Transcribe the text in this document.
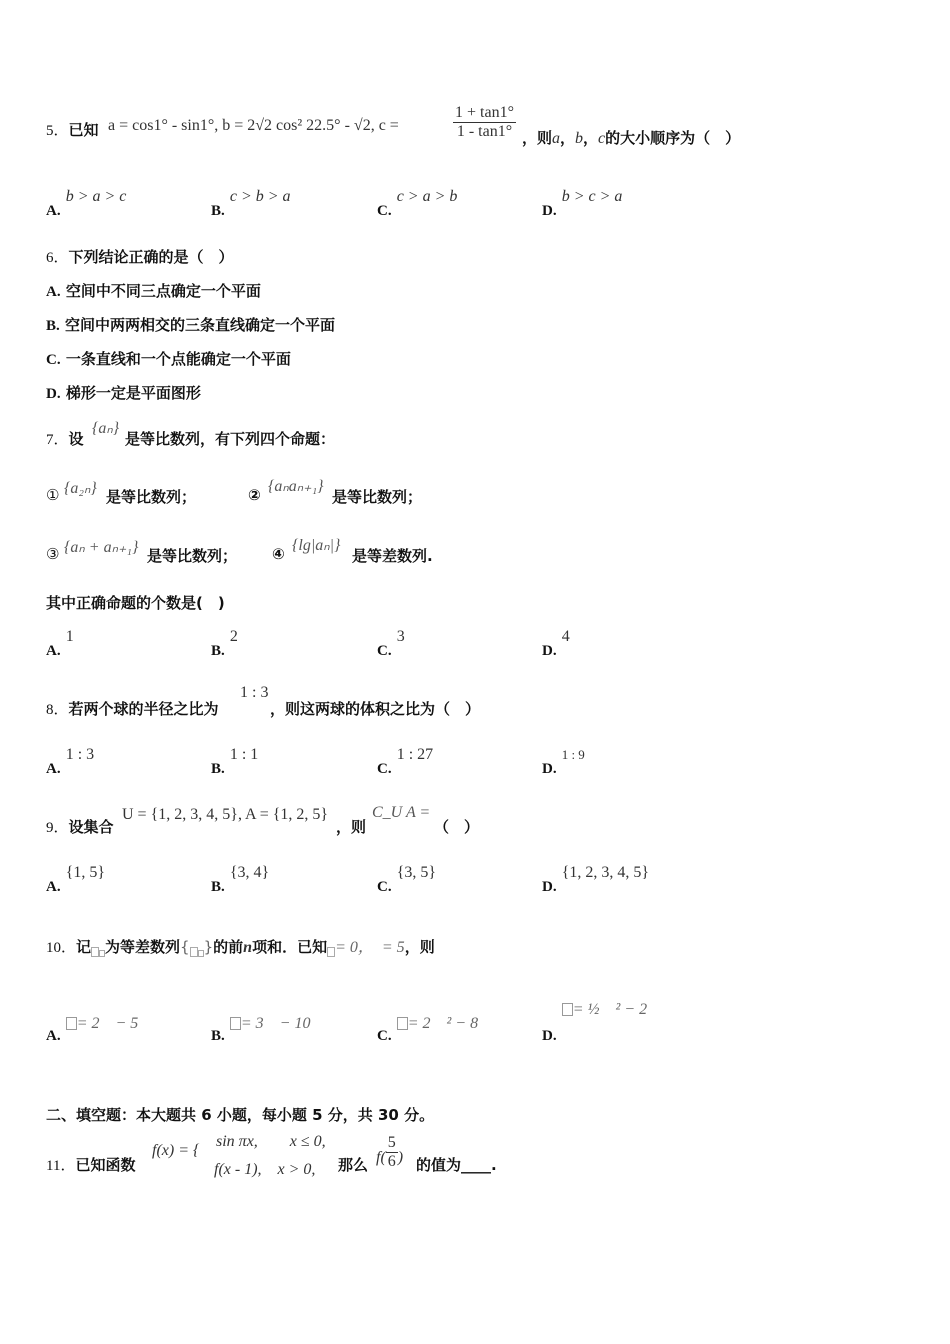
5．已知 a = cos1° - sin1°, b = 2√2 cos² 22.5° - √2, c =	$\frac{1 + \tan 1^\circ}{1 - \tan 1^\circ}$ ，则a，b，c的大小顺序为（　）
A. b > a > c
B. c > b > a
C. c > a > b
D. b > c > a
6．下列结论正确的是（　）
A. 空间中不同三点确定一个平面
B. 空间中两两相交的三条直线确定一个平面
C. 一条直线和一个点能确定一个平面
D. 梯形一定是平面图形
7．设
{aₙ}
是等比数列，有下列四个命题：
① {a₂ₙ} 是等比数列；	② {aₙaₙ₊₁}
是等比数列；
③ {aₙ + aₙ₊₁} 是等比数列； ④ {lg|aₙ|}
是等差数列.
其中正确命题的个数是(　)
A. 1
B. 2
C. 3
D. 4
8．若两个球的半径之比为
1 : 3
，则这两球的体积之比为（　）
A. 1 : 3
B. 1 : 1
C. 1 : 27
D. 1 : 9
9．设集合
U = {1, 2, 3, 4, 5}, A = {1, 2, 5}
，则
C_U A =
（　）
A. {1, 5}
B. {3, 4}
C. {3, 5}
D. {1, 2, 3, 4, 5}
10．记 为等差数列{ }的前n项和．已知 = 0，　= 5，则
A. = 2　− 5
B. = 3　− 10
C. = 2　² − 8
D. = ½　² − 2
二、填空题：本大题共 6 小题，每小题 5 分，共 30 分。
11．已知函数
f(x) = {
sin πx,　　x ≤ 0,
f(x - 1),　x > 0, 那么 $f( \frac{5}{6}$ ) 的值为____.
